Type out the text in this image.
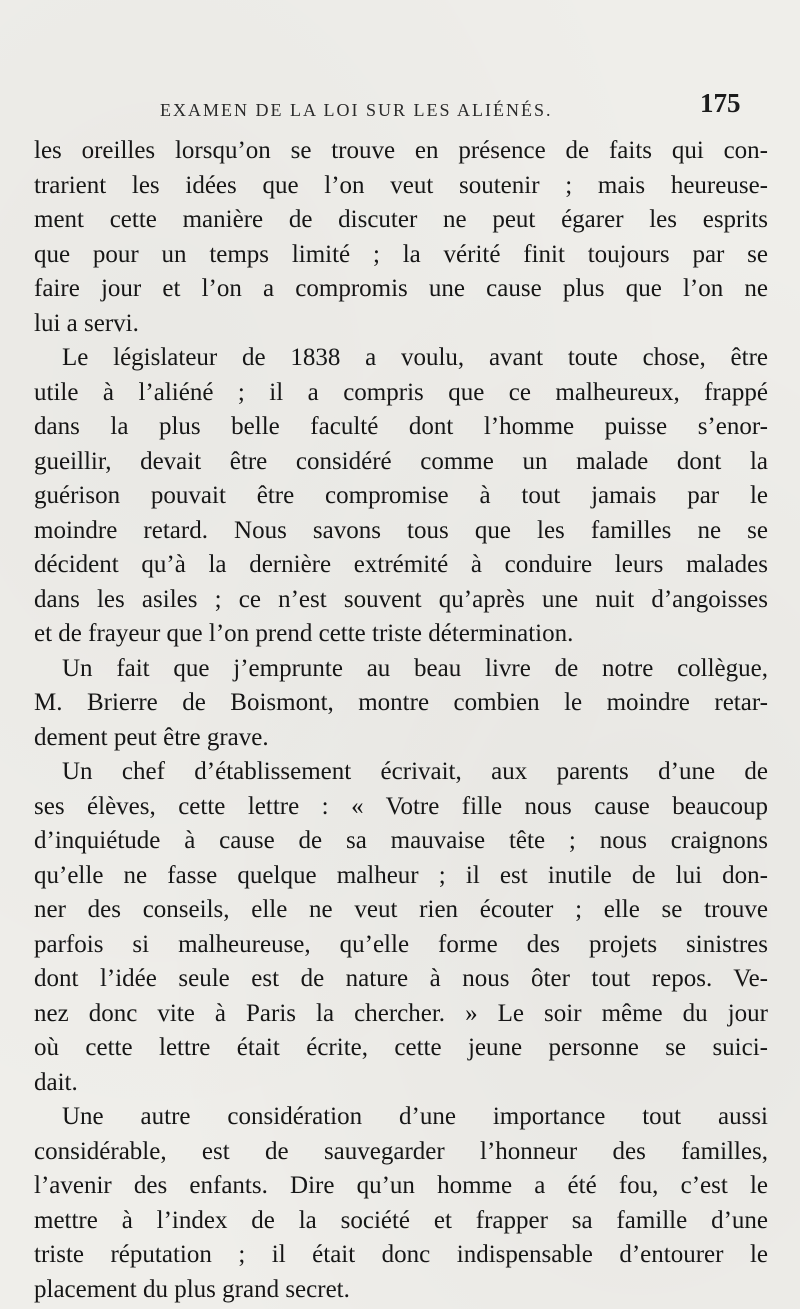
EXAMEN DE LA LOI SUR LES ALIÉNÉS.	175
les oreilles lorsqu’on se trouve en présence de faits qui con-
trarient les idées que l’on veut soutenir ; mais heureuse-
ment cette manière de discuter ne peut égarer les esprits
que pour un temps limité ; la vérité finit toujours par se
faire jour et l’on a compromis une cause plus que l’on ne
lui a servi.
Le législateur de 1838 a voulu, avant toute chose, être
utile à l’aliéné ; il a compris que ce malheureux, frappé
dans la plus belle faculté dont l’homme puisse s’enor-
gueillir, devait être considéré comme un malade dont la
guérison pouvait être compromise à tout jamais par le
moindre retard. Nous savons tous que les familles ne se
décident qu’à la dernière extrémité à conduire leurs malades
dans les asiles ; ce n’est souvent qu’après une nuit d’angoisses
et de frayeur que l’on prend cette triste détermination.
Un fait que j’emprunte au beau livre de notre collègue,
M. Brierre de Boismont, montre combien le moindre retar-
dement peut être grave.
Un chef d’établissement écrivait, aux parents d’une de
ses élèves, cette lettre : « Votre fille nous cause beaucoup
d’inquiétude à cause de sa mauvaise tête ; nous craignons
qu’elle ne fasse quelque malheur ; il est inutile de lui don-
ner des conseils, elle ne veut rien écouter ; elle se trouve
parfois si malheureuse, qu’elle forme des projets sinistres
dont l’idée seule est de nature à nous ôter tout repos. Ve-
nez donc vite à Paris la chercher. » Le soir même du jour
où cette lettre était écrite, cette jeune personne se suici-
dait.
Une autre considération d’une importance tout aussi
considérable, est de sauvegarder l’honneur des familles,
l’avenir des enfants. Dire qu’un homme a été fou, c’est le
mettre à l’index de la société et frapper sa famille d’une
triste réputation ; il était donc indispensable d’entourer le
placement du plus grand secret.
